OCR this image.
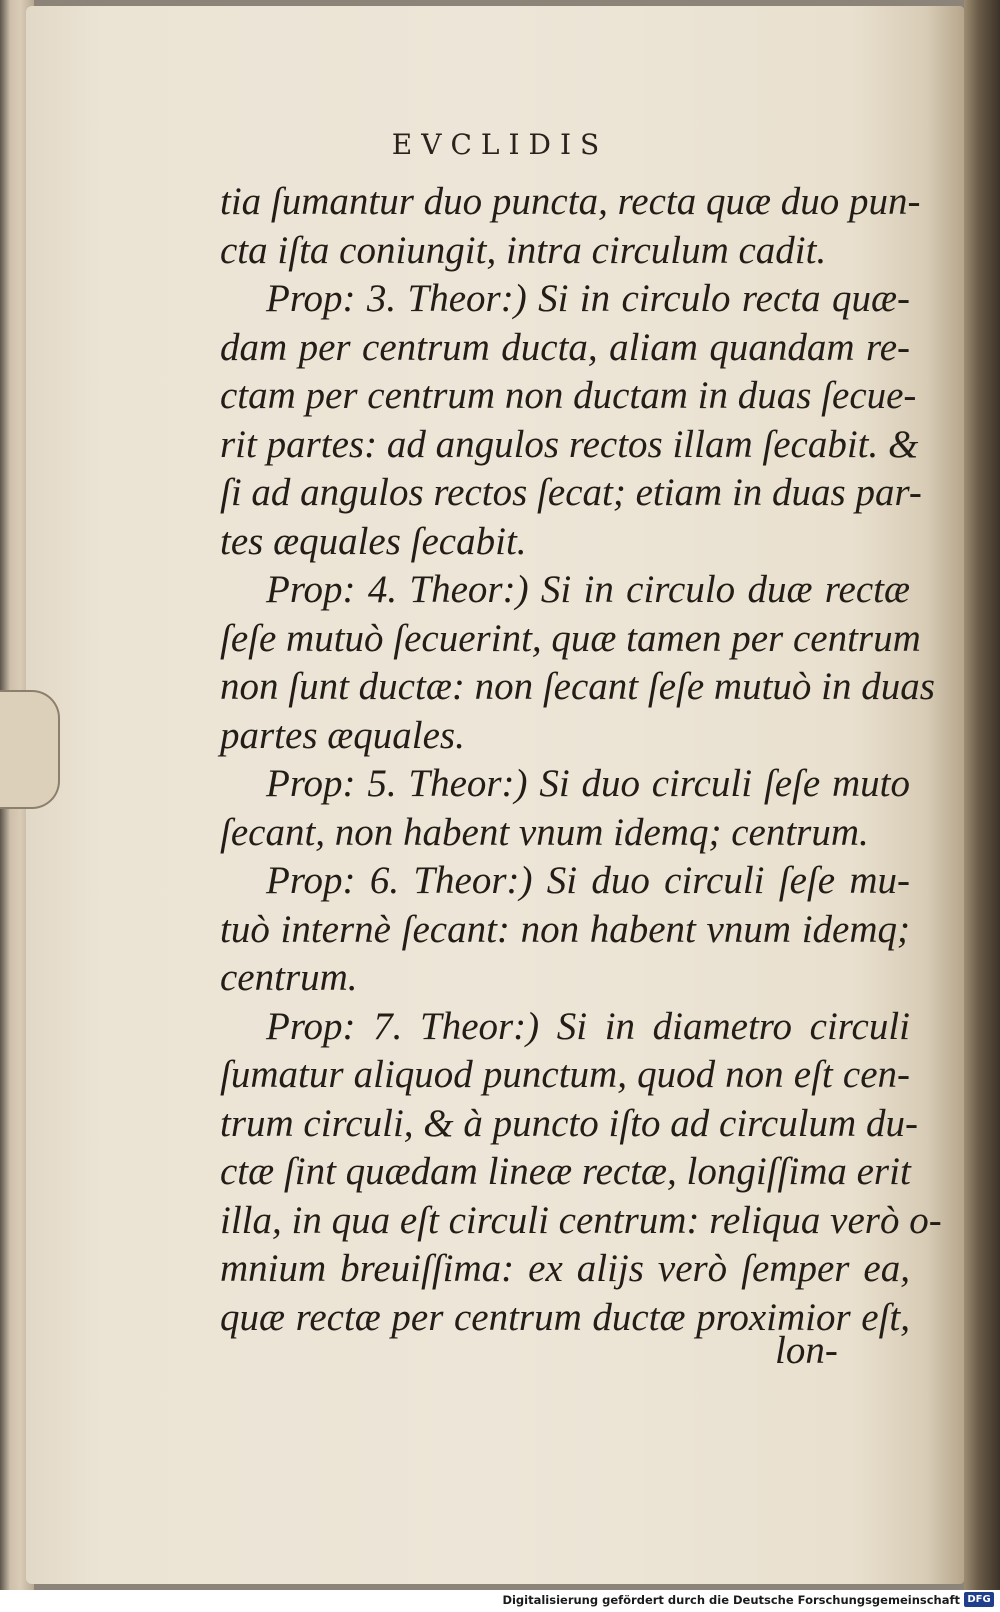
EVCLIDIS
tia ſumantur duo puncta, recta quæ duo pun-
cta iſta coniungit, intra circulum cadit.
Prop: 3. Theor:) Si in circulo recta quæ-
dam per centrum ducta, aliam quandam re-
ctam per centrum non ductam in duas ſecue-
rit partes: ad angulos rectos illam ſecabit. &
ſi ad angulos rectos ſecat; etiam in duas par-
tes æquales ſecabit.
Prop: 4. Theor:) Si in circulo duæ rectæ
ſeſe mutuò ſecuerint, quæ tamen per centrum
non ſunt ductæ: non ſecant ſeſe mutuò in duas
partes æquales.
Prop: 5. Theor:) Si duo circuli ſeſe muto
ſecant, non habent vnum idemq; centrum.
Prop: 6. Theor:) Si duo circuli ſeſe mu-
tuò internè ſecant: non habent vnum idemq;
centrum.
Prop: 7. Theor:) Si in diametro circuli
ſumatur aliquod punctum, quod non eſt cen-
trum circuli, & à puncto iſto ad circulum du-
ctæ ſint quædam lineæ rectæ, longiſſima erit
illa, in qua eſt circuli centrum: reliqua verò o-
mnium breuiſſima: ex alijs verò ſemper ea,
quæ rectæ per centrum ductæ proximior eſt,
lon-
Digitalisierung gefördert durch die Deutsche Forschungsgemeinschaft DFG
